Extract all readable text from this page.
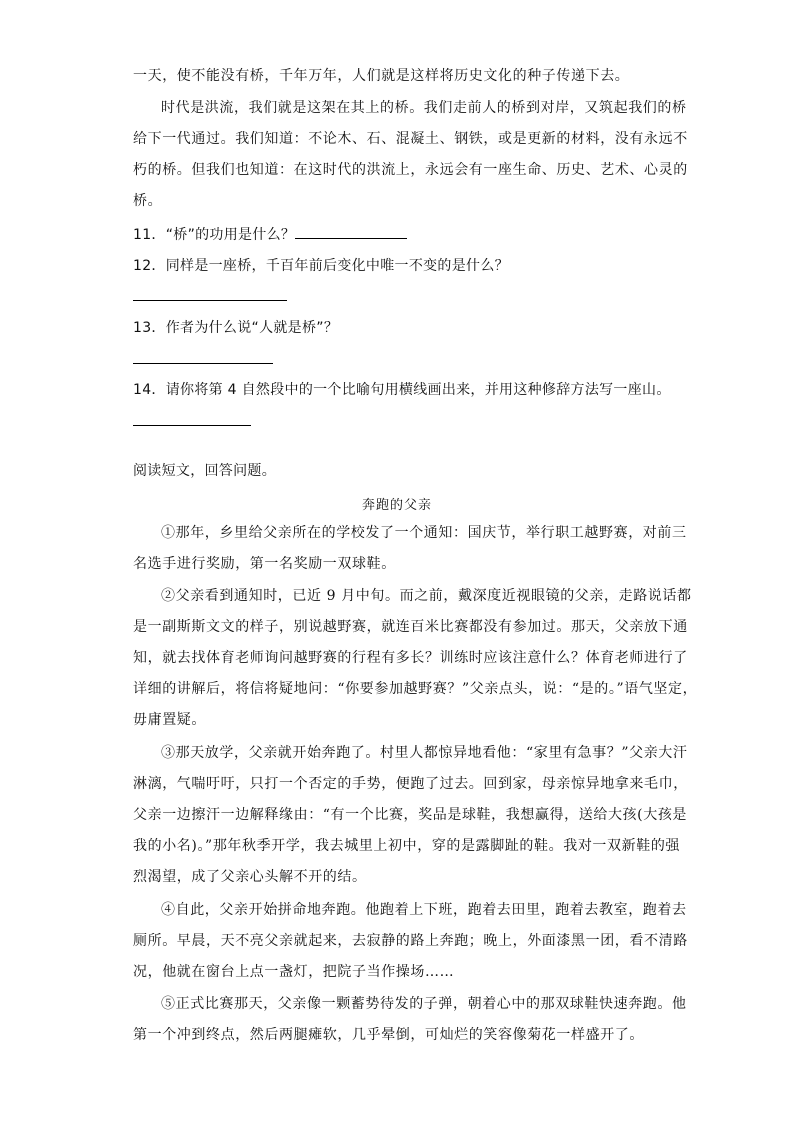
一天，使不能没有桥，千年万年，人们就是这样将历史文化的种子传递下去。
时代是洪流，我们就是这架在其上的桥。我们走前人的桥到对岸，又筑起我们的桥
给下一代通过。我们知道：不论木、石、混凝土、钢铁，或是更新的材料，没有永远不
朽的桥。但我们也知道：在这时代的洪流上，永远会有一座生命、历史、艺术、心灵的
桥。
11．“桥”的功用是什么？
12．同样是一座桥，千百年前后变化中唯一不变的是什么？
13．作者为什么说“人就是桥”？
14．请你将第 4 自然段中的一个比喻句用横线画出来，并用这种修辞方法写一座山。
阅读短文，回答问题。
奔跑的父亲
①那年，乡里给父亲所在的学校发了一个通知：国庆节，举行职工越野赛，对前三
名选手进行奖励，第一名奖励一双球鞋。
②父亲看到通知时，已近 9 月中旬。而之前，戴深度近视眼镜的父亲，走路说话都
是一副斯斯文文的样子，别说越野赛，就连百米比赛都没有参加过。那天，父亲放下通
知，就去找体育老师询问越野赛的行程有多长？训练时应该注意什么？体育老师进行了
详细的讲解后，将信将疑地问：“你要参加越野赛？”父亲点头，说：“是的。”语气坚定，
毋庸置疑。
③那天放学，父亲就开始奔跑了。村里人都惊异地看他：“家里有急事？”父亲大汗
淋漓，气喘吁吁，只打一个否定的手势，便跑了过去。回到家，母亲惊异地拿来毛巾，
父亲一边擦汗一边解释缘由：“有一个比赛，奖品是球鞋，我想赢得，送给大孩(大孩是
我的小名)。”那年秋季开学，我去城里上初中，穿的是露脚趾的鞋。我对一双新鞋的强
烈渴望，成了父亲心头解不开的结。
④自此，父亲开始拼命地奔跑。他跑着上下班，跑着去田里，跑着去教室，跑着去
厕所。早晨，天不亮父亲就起来，去寂静的路上奔跑；晚上，外面漆黑一团，看不清路
况，他就在窗台上点一盏灯，把院子当作操场……
⑤正式比赛那天，父亲像一颗蓄势待发的子弹，朝着心中的那双球鞋快速奔跑。他
第一个冲到终点，然后两腿瘫软，几乎晕倒，可灿烂的笑容像菊花一样盛开了。
